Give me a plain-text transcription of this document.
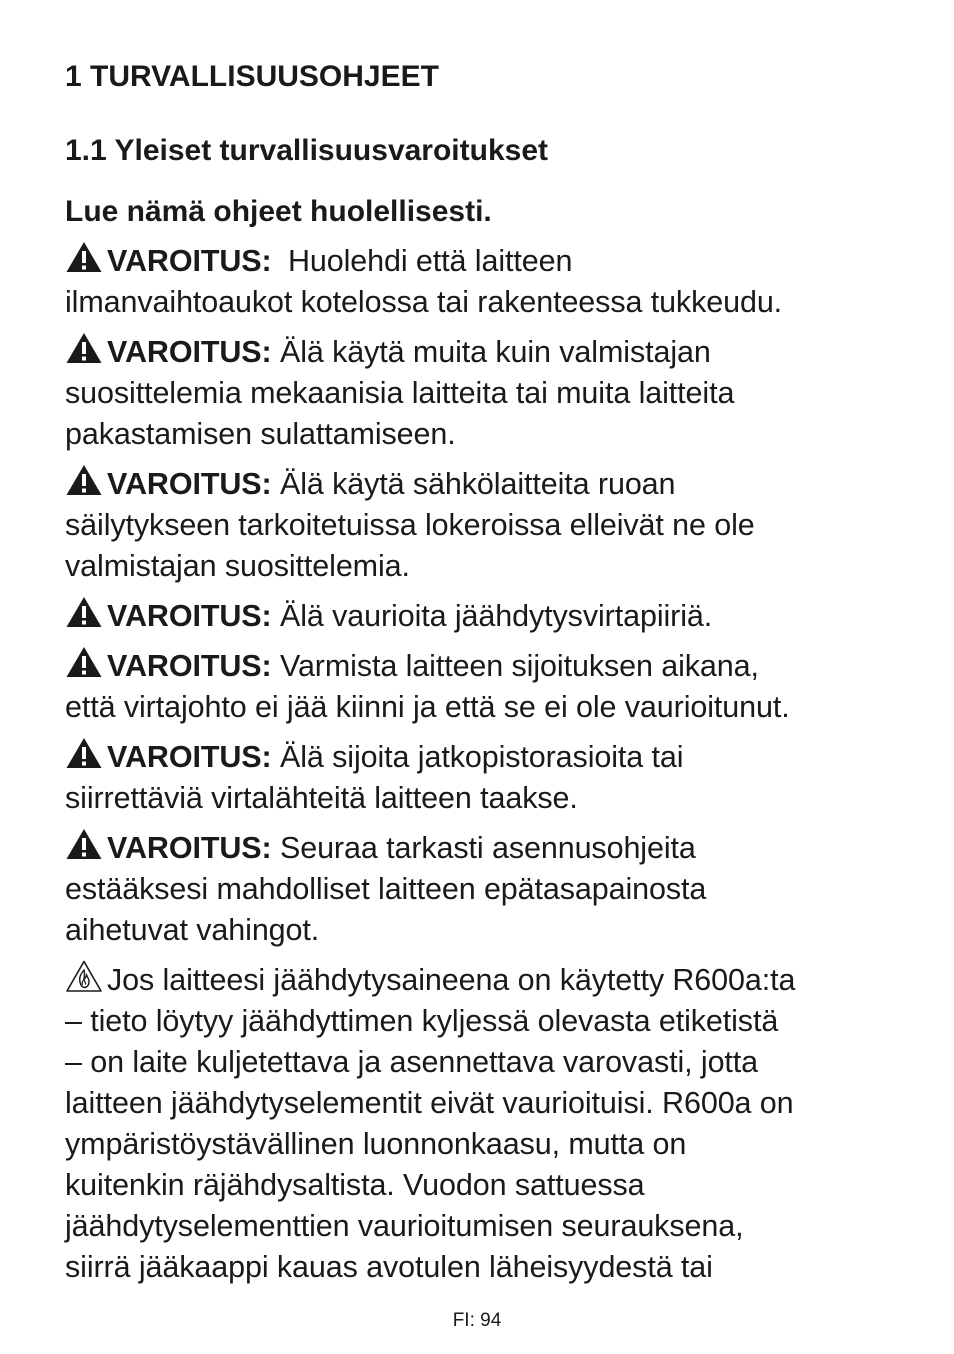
1 TURVALLISUUSOHJEET
1.1 Yleiset turvallisuusvaroitukset
Lue nämä ohjeet huolellisesti.
VAROITUS: Huolehdi että laitteen
ilmanvaihtoaukot kotelossa tai rakenteessa tukkeudu.
VAROITUS: Älä käytä muita kuin valmistajan
suosittelemia mekaanisia laitteita tai muita laitteita
pakastamisen sulattamiseen.
VAROITUS: Älä käytä sähkölaitteita ruoan
säilytykseen tarkoitetuissa lokeroissa elleivät ne ole
valmistajan suosittelemia.
VAROITUS: Älä vaurioita jäähdytysvirtapiiriä.
VAROITUS: Varmista laitteen sijoituksen aikana,
että virtajohto ei jää kiinni ja että se ei ole vaurioitunut.
VAROITUS: Älä sijoita jatkopistorasioita tai
siirrettäviä virtalähteitä laitteen taakse.
VAROITUS: Seuraa tarkasti asennusohjeita
estääksesi mahdolliset laitteen epätasapainosta
aihetuvat vahingot.
Jos laitteesi jäähdytysaineena on käytetty R600a:ta
– tieto löytyy jäähdyttimen kyljessä olevasta etiketistä
– on laite kuljetettava ja asennettava varovasti, jotta
laitteen jäähdytyselementit eivät vaurioituisi. R600a on
ympäristöystävällinen luonnonkaasu, mutta on
kuitenkin räjähdysaltista. Vuodon sattuessa
jäähdytyselementtien vaurioitumisen seurauksena,
siirrä jääkaappi kauas avotulen läheisyydestä tai
FI: 94
